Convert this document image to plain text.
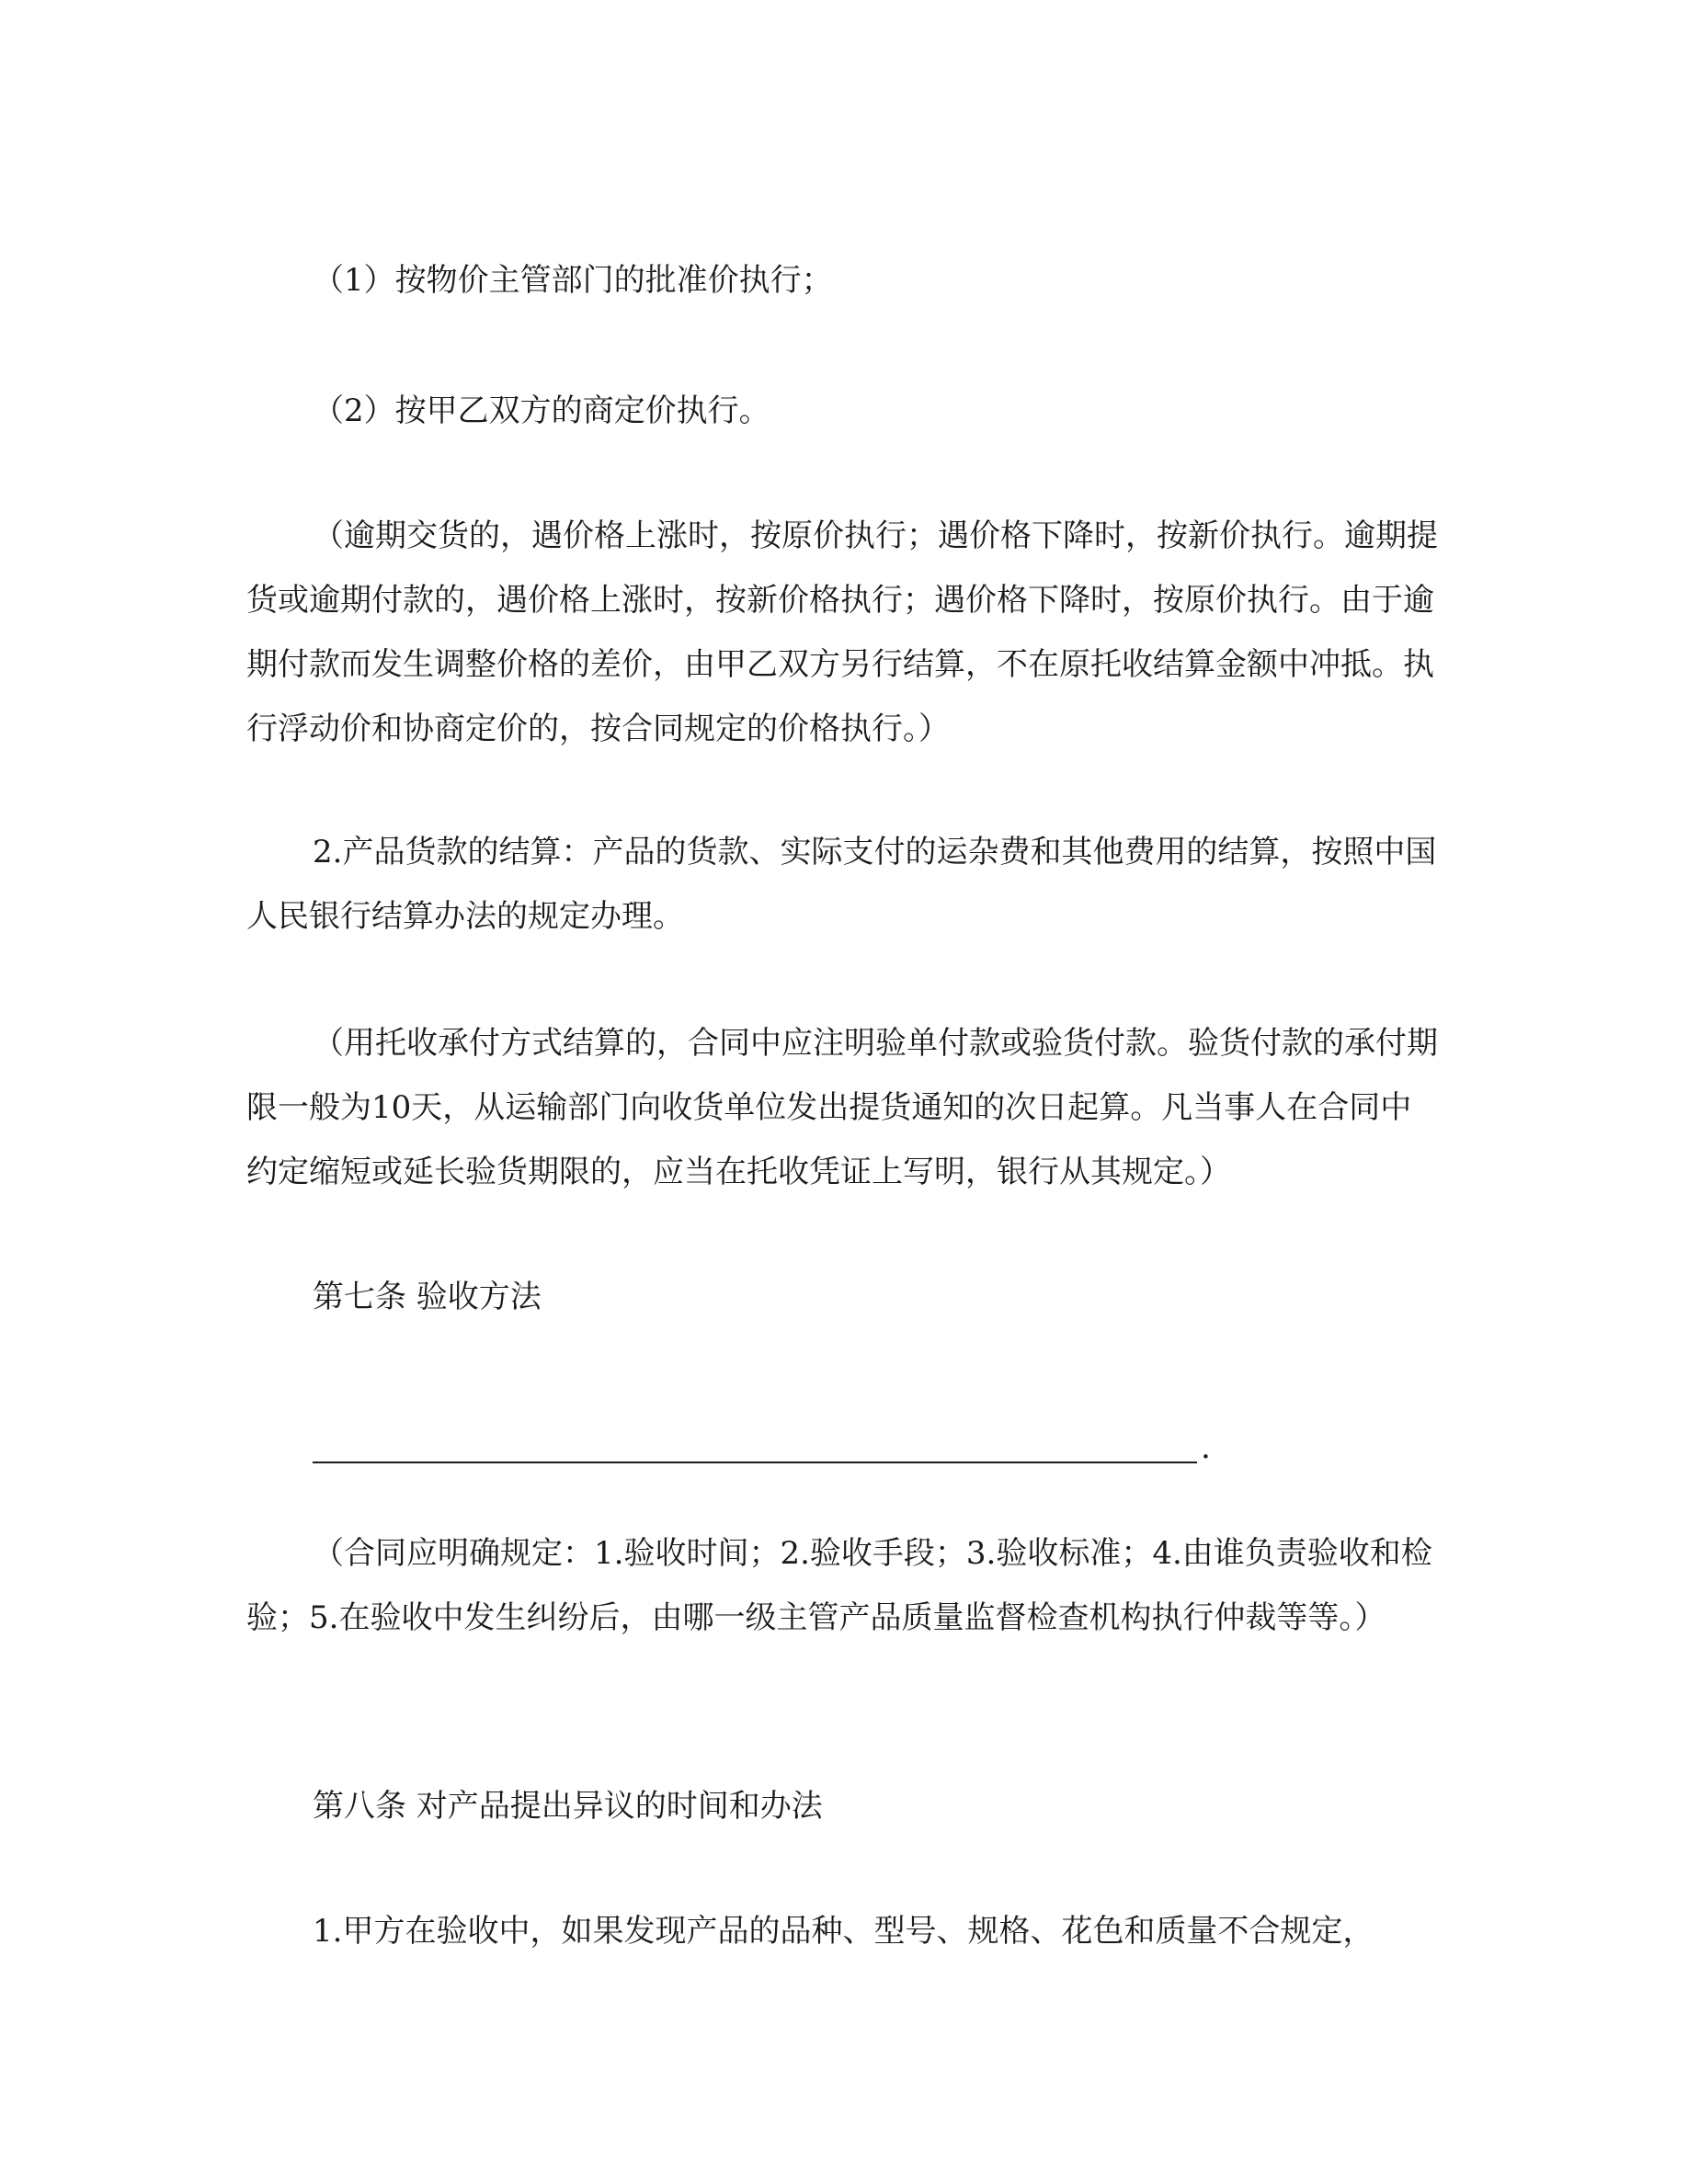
（1）按物价主管部门的批准价执行；

（2）按甲乙双方的商定价执行。

（逾期交货的，遇价格上涨时，按原价执行；遇价格下降时，按新价执行。逾期提货或逾期付款的，遇价格上涨时，按新价格执行；遇价格下降时，按原价执行。由于逾期付款而发生调整价格的差价，由甲乙双方另行结算，不在原托收结算金额中冲抵。执行浮动价和协商定价的，按合同规定的价格执行。）

2.产品货款的结算：产品的货款、实际支付的运杂费和其他费用的结算，按照中国人民银行结算办法的规定办理。

（用托收承付方式结算的，合同中应注明验单付款或验货付款。验货付款的承付期限一般为10天，从运输部门向收货单位发出提货通知的次日起算。凡当事人在合同中约定缩短或延长验货期限的，应当在托收凭证上写明，银行从其规定。）

第七条 验收方法

.

（合同应明确规定：1.验收时间；2.验收手段；3.验收标准；4.由谁负责验收和检验；5.在验收中发生纠纷后，由哪一级主管产品质量监督检查机构执行仲裁等等。）

第八条 对产品提出异议的时间和办法

1.甲方在验收中，如果发现产品的品种、型号、规格、花色和质量不合规定，
